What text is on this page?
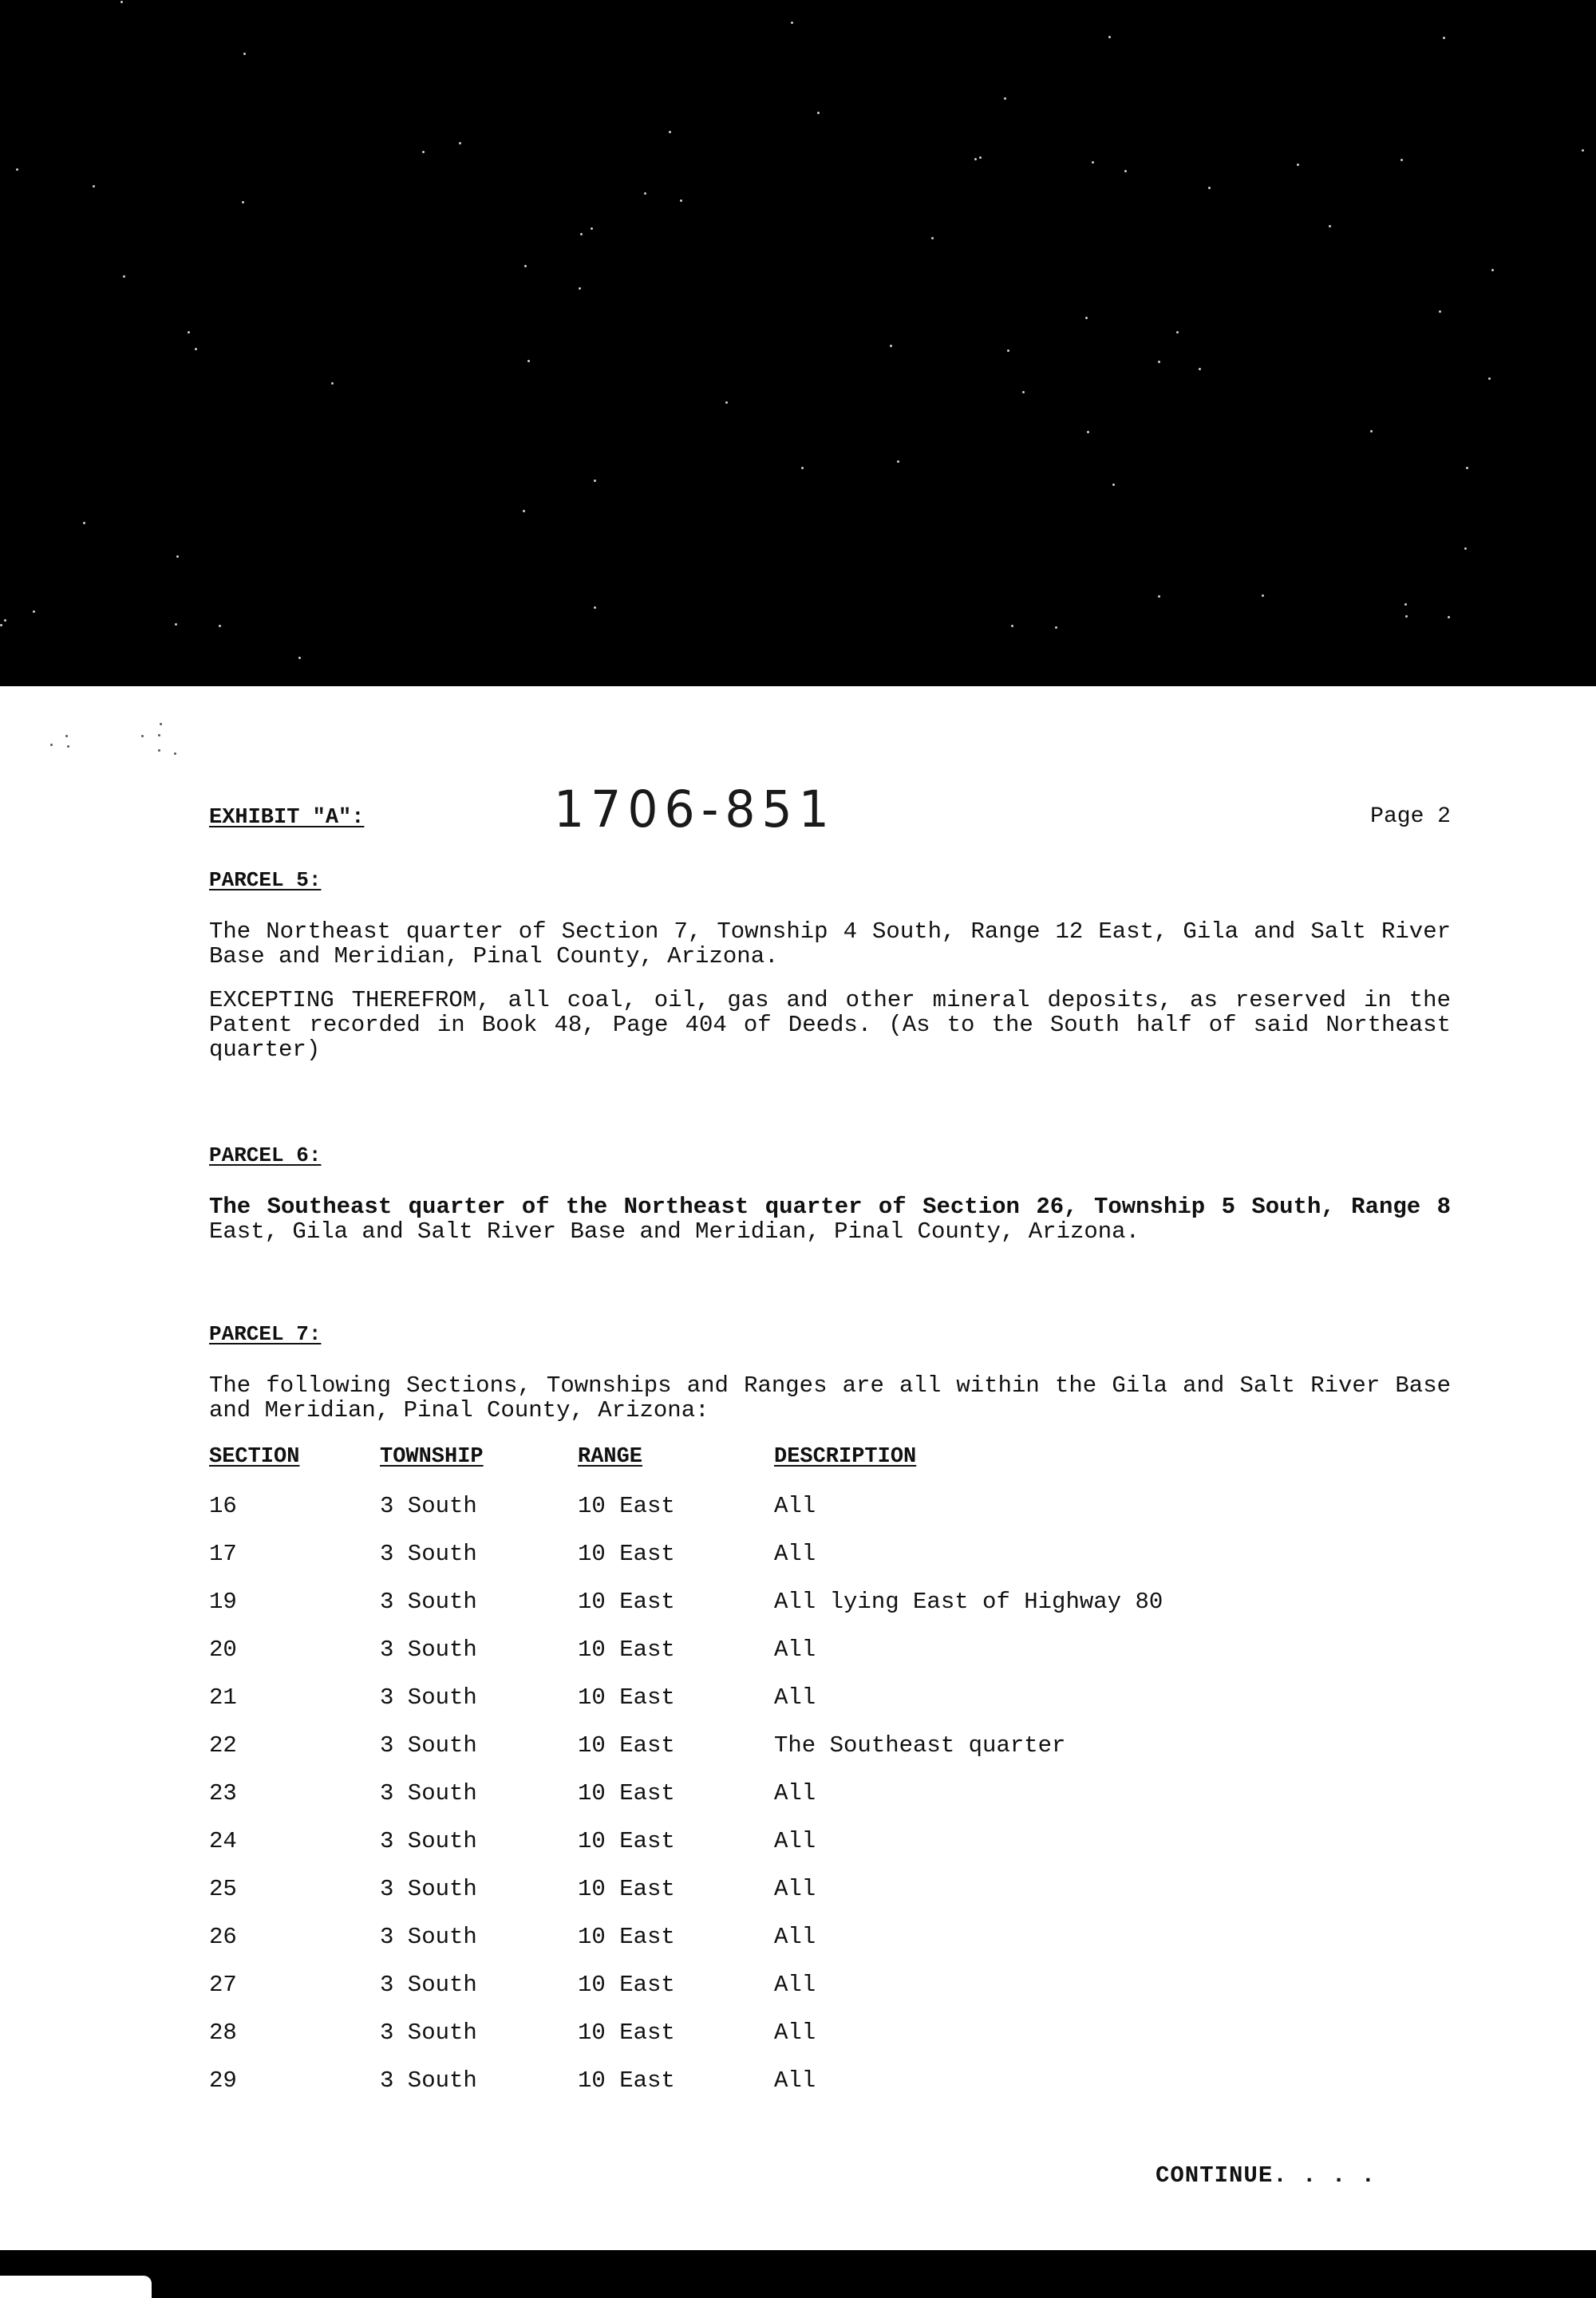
EXHIBIT "A":	1706-851	Page 2

PARCEL 5:

The Northeast quarter of Section 7, Township 4 South, Range 12 East, Gila and Salt River Base and Meridian, Pinal County, Arizona.

EXCEPTING THEREFROM, all coal, oil, gas and other mineral deposits, as reserved in the Patent recorded in Book 48, Page 404 of Deeds. (As to the South half of said Northeast quarter)

PARCEL 6:

The Southeast quarter of the Northeast quarter of Section 26, Township 5 South, Range 8 East, Gila and Salt River Base and Meridian, Pinal County, Arizona.

PARCEL 7:

The following Sections, Townships and Ranges are all within the Gila and Salt River Base and Meridian, Pinal County, Arizona:

SECTION	TOWNSHIP	RANGE	DESCRIPTION
16	3 South	10 East	All
17	3 South	10 East	All
19	3 South	10 East	All lying East of Highway 80
20	3 South	10 East	All
21	3 South	10 East	All
22	3 South	10 East	The Southeast quarter
23	3 South	10 East	All
24	3 South	10 East	All
25	3 South	10 East	All
26	3 South	10 East	All
27	3 South	10 East	All
28	3 South	10 East	All
29	3 South	10 East	All
CONTINUE. . . .
